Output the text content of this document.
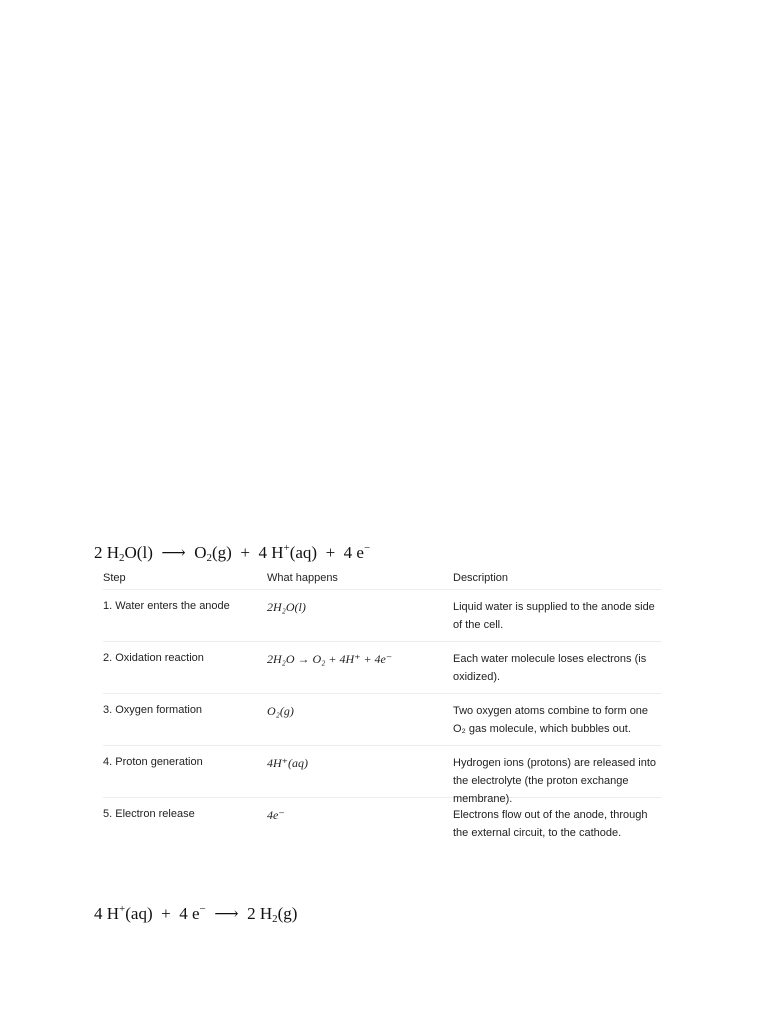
2 $H_2O(l)$ ⟶ $O_2(g) + 4$ H+(aq) + 4 e−
Step	What happens	Description
1. Water enters the anode	2H₂O(l)	Liquid water is supplied to the anode side of the cell.
2. Oxidation reaction	2H₂O → O₂ + 4H⁺ + 4e⁻	Each water molecule loses electrons (is oxidized).
3. Oxygen formation	O₂(g)	Two oxygen atoms combine to form one O₂ gas molecule, which bubbles out.
4. Proton generation	4H⁺(aq)	Hydrogen ions (protons) are released into the electrolyte (the proton exchange membrane).
5. Electron release	4e⁻	Electrons flow out of the anode, through the external circuit, to the cathode.
4 H+(aq) + 4 e− ⟶ 2 $H_2(g)$
